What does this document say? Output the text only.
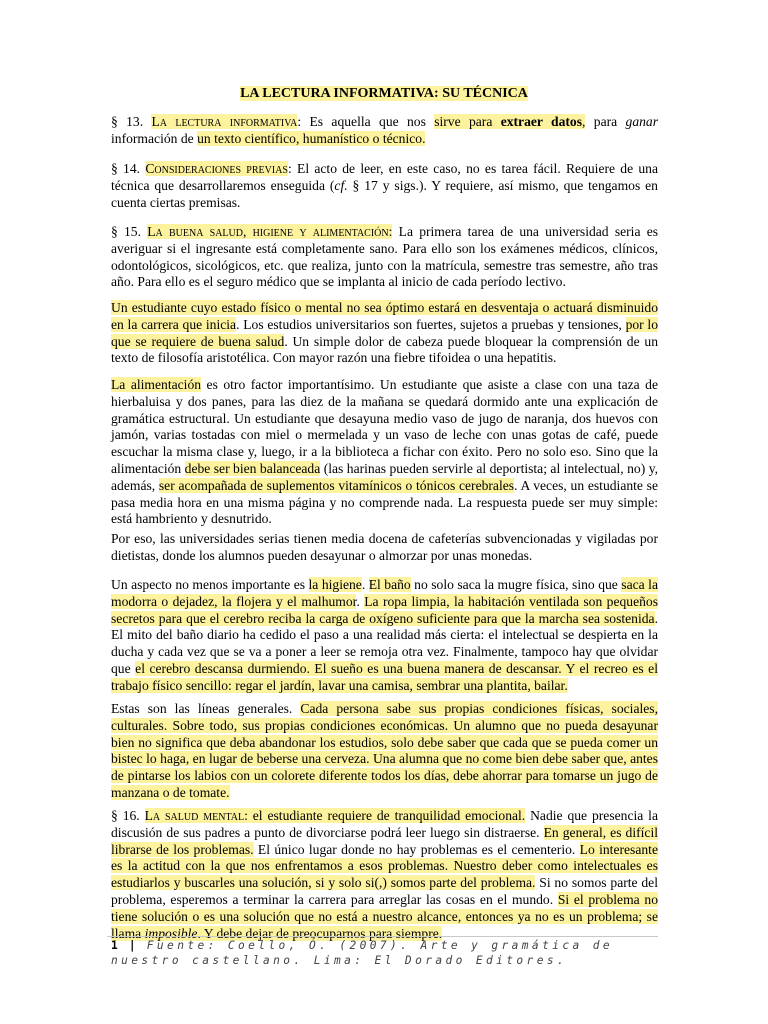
LA LECTURA INFORMATIVA: SU TÉCNICA

§ 13. La lectura informativa: Es aquella que nos sirve para extraer datos, para ganar información de un texto científico, humanístico o técnico.

§ 14. Consideraciones previas: El acto de leer, en este caso, no es tarea fácil. Requiere de una técnica que desarrollaremos enseguida (cf. § 17 y sigs.). Y requiere, así mismo, que tengamos en cuenta ciertas premisas.

§ 15. La buena salud, higiene y alimentación: La primera tarea de una universidad seria es averiguar si el ingresante está completamente sano. Para ello son los exámenes médicos, clínicos, odontológicos, sicológicos, etc. que realiza, junto con la matrícula, semestre tras semestre, año tras año. Para ello es el seguro médico que se implanta al inicio de cada período lectivo.

Un estudiante cuyo estado físico o mental no sea óptimo estará en desventaja o actuará disminuido en la carrera que inicia. Los estudios universitarios son fuertes, sujetos a pruebas y tensiones, por lo que se requiere de buena salud. Un simple dolor de cabeza puede bloquear la comprensión de un texto de filosofía aristotélica. Con mayor razón una fiebre tifoidea o una hepatitis.

La alimentación es otro factor importantísimo. Un estudiante que asiste a clase con una taza de hierbaluisa y dos panes, para las diez de la mañana se quedará dormido ante una explicación de gramática estructural. Un estudiante que desayuna medio vaso de jugo de naranja, dos huevos con jamón, varias tostadas con miel o mermelada y un vaso de leche con unas gotas de café, puede escuchar la misma clase y, luego, ir a la biblioteca a fichar con éxito. Pero no solo eso. Sino que la alimentación debe ser bien balanceada (las harinas pueden servirle al deportista; al intelectual, no) y, además, ser acompañada de suplementos vitamínicos o tónicos cerebrales. A veces, un estudiante se pasa media hora en una misma página y no comprende nada. La respuesta puede ser muy simple: está hambriento y desnutrido.

Por eso, las universidades serias tienen media docena de cafeterías subvencionadas y vigiladas por dietistas, donde los alumnos pueden desayunar o almorzar por unas monedas.

Un aspecto no menos importante es la higiene. El baño no solo saca la mugre física, sino que saca la modorra o dejadez, la flojera y el malhumor. La ropa limpia, la habitación ventilada son pequeños secretos para que el cerebro reciba la carga de oxígeno suficiente para que la marcha sea sostenida. El mito del baño diario ha cedido el paso a una realidad más cierta: el intelectual se despierta en la ducha y cada vez que se va a poner a leer se remoja otra vez. Finalmente, tampoco hay que olvidar que el cerebro descansa durmiendo. El sueño es una buena manera de descansar. Y el recreo es el trabajo físico sencillo: regar el jardín, lavar una camisa, sembrar una plantita, bailar.

Estas son las líneas generales. Cada persona sabe sus propias condiciones físicas, sociales, culturales. Sobre todo, sus propias condiciones económicas. Un alumno que no pueda desayunar bien no significa que deba abandonar los estudios, solo debe saber que cada que se pueda comer un bistec lo haga, en lugar de beberse una cerveza. Una alumna que no come bien debe saber que, antes de pintarse los labios con un colorete diferente todos los días, debe ahorrar para tomarse un jugo de manzana o de tomate.

§ 16. La salud mental: el estudiante requiere de tranquilidad emocional. Nadie que presencia la discusión de sus padres a punto de divorciarse podrá leer luego sin distraerse. En general, es difícil librarse de los problemas. El único lugar donde no hay problemas es el cementerio. Lo interesante es la actitud con la que nos enfrentamos a esos problemas. Nuestro deber como intelectuales es estudiarlos y buscarles una solución, si y solo si(,) somos parte del problema. Si no somos parte del problema, esperemos a terminar la carrera para arreglar las cosas en el mundo. Si el problema no tiene solución o es una solución que no está a nuestro alcance, entonces ya no es un problema; se llama imposible. Y debe dejar de preocuparnos para siempre.

1 | Fuente: Coello, Ó. (2007). Arte y gramática de nuestro castellano. Lima: El Dorado Editores.
